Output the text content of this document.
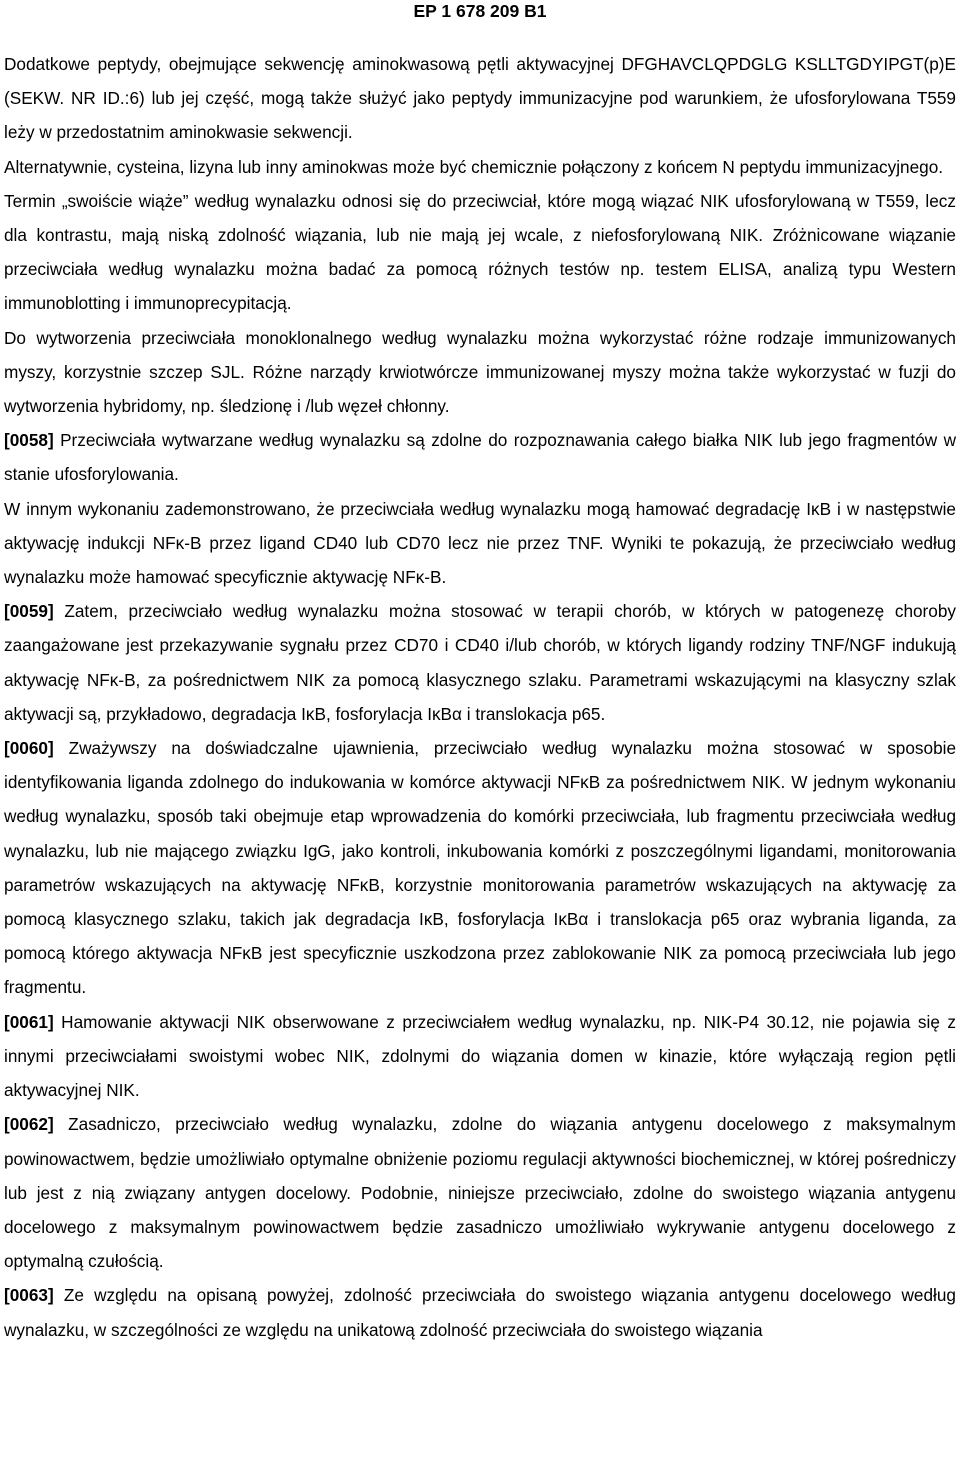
EP 1 678 209 B1

Dodatkowe peptydy, obejmujące sekwencję aminokwasową pętli aktywacyjnej DFGHAVCLQPDGLG KSLLTGDYIPGT(p)E (SEKW. NR ID.:6) lub jej część, mogą także służyć jako peptydy immunizacyjne pod warunkiem, że ufosforylowana T559 leży w przedostatnim aminokwasie sekwencji.

Alternatywnie, cysteina, lizyna lub inny aminokwas może być chemicznie połączony z końcem N peptydu immunizacyjnego.

Termin „swoiście wiąże” według wynalazku odnosi się do przeciwciał, które mogą wiązać NIK ufosforylowaną w T559, lecz dla kontrastu, mają niską zdolność wiązania, lub nie mają jej wcale, z niefosforylowaną NIK. Zróżnicowane wiązanie przeciwciała według wynalazku można badać za pomocą różnych testów np. testem ELISA, analizą typu Western immunoblotting i immunoprecypitacją.

Do wytworzenia przeciwciała monoklonalnego według wynalazku można wykorzystać różne rodzaje immunizowanych myszy, korzystnie szczep SJL. Różne narządy krwiotwórcze immunizowanej myszy można także wykorzystać w fuzji do wytworzenia hybridomy, np. śledzionę i /lub węzeł chłonny.

[0058] Przeciwciała wytwarzane według wynalazku są zdolne do rozpoznawania całego białka NIK lub jego fragmentów w stanie ufosforylowania.

W innym wykonaniu zademonstrowano, że przeciwciała według wynalazku mogą hamować degradację IκB i w następstwie aktywację indukcji NFκ-B przez ligand CD40 lub CD70 lecz nie przez TNF. Wyniki te pokazują, że przeciwciało według wynalazku może hamować specyficznie aktywację NFκ-B.

[0059] Zatem, przeciwciało według wynalazku można stosować w terapii chorób, w których w patogenezę choroby zaangażowane jest przekazywanie sygnału przez CD70 i CD40 i/lub chorób, w których ligandy rodziny TNF/NGF indukują aktywację NFκ-B, za pośrednictwem NIK za pomocą klasycznego szlaku. Parametrami wskazującymi na klasyczny szlak aktywacji są, przykładowo, degradacja IκB, fosforylacja IκBα i translokacja p65.

[0060] Zważywszy na doświadczalne ujawnienia, przeciwciało według wynalazku można stosować w sposobie identyfikowania liganda zdolnego do indukowania w komórce aktywacji NFκB za pośrednictwem NIK. W jednym wykonaniu według wynalazku, sposób taki obejmuje etap wprowadzenia do komórki przeciwciała, lub fragmentu przeciwciała według wynalazku, lub nie mającego związku IgG, jako kontroli, inkubowania komórki z poszczególnymi ligandami, monitorowania parametrów wskazujących na aktywację NFκB, korzystnie monitorowania parametrów wskazujących na aktywację za pomocą klasycznego szlaku, takich jak degradacja IκB, fosforylacja IκBα i translokacja p65 oraz wybrania liganda, za pomocą którego aktywacja NFκB jest specyficznie uszkodzona przez zablokowanie NIK za pomocą przeciwciała lub jego fragmentu.

[0061] Hamowanie aktywacji NIK obserwowane z przeciwciałem według wynalazku, np. NIK-P4 30.12, nie pojawia się z innymi przeciwciałami swoistymi wobec NIK, zdolnymi do wiązania domen w kinazie, które wyłączają region pętli aktywacyjnej NIK.

[0062] Zasadniczo, przeciwciało według wynalazku, zdolne do wiązania antygenu docelowego z maksymalnym powinowactwem, będzie umożliwiało optymalne obniżenie poziomu regulacji aktywności biochemicznej, w której pośredniczy lub jest z nią związany antygen docelowy. Podobnie, niniejsze przeciwciało, zdolne do swoistego wiązania antygenu docelowego z maksymalnym powinowactwem będzie zasadniczo umożliwiało wykrywanie antygenu docelowego z optymalną czułością.

[0063] Ze względu na opisaną powyżej, zdolność przeciwciała do swoistego wiązania antygenu docelowego według wynalazku, w szczególności ze względu na unikatową zdolność przeciwciała do swoistego wiązania
